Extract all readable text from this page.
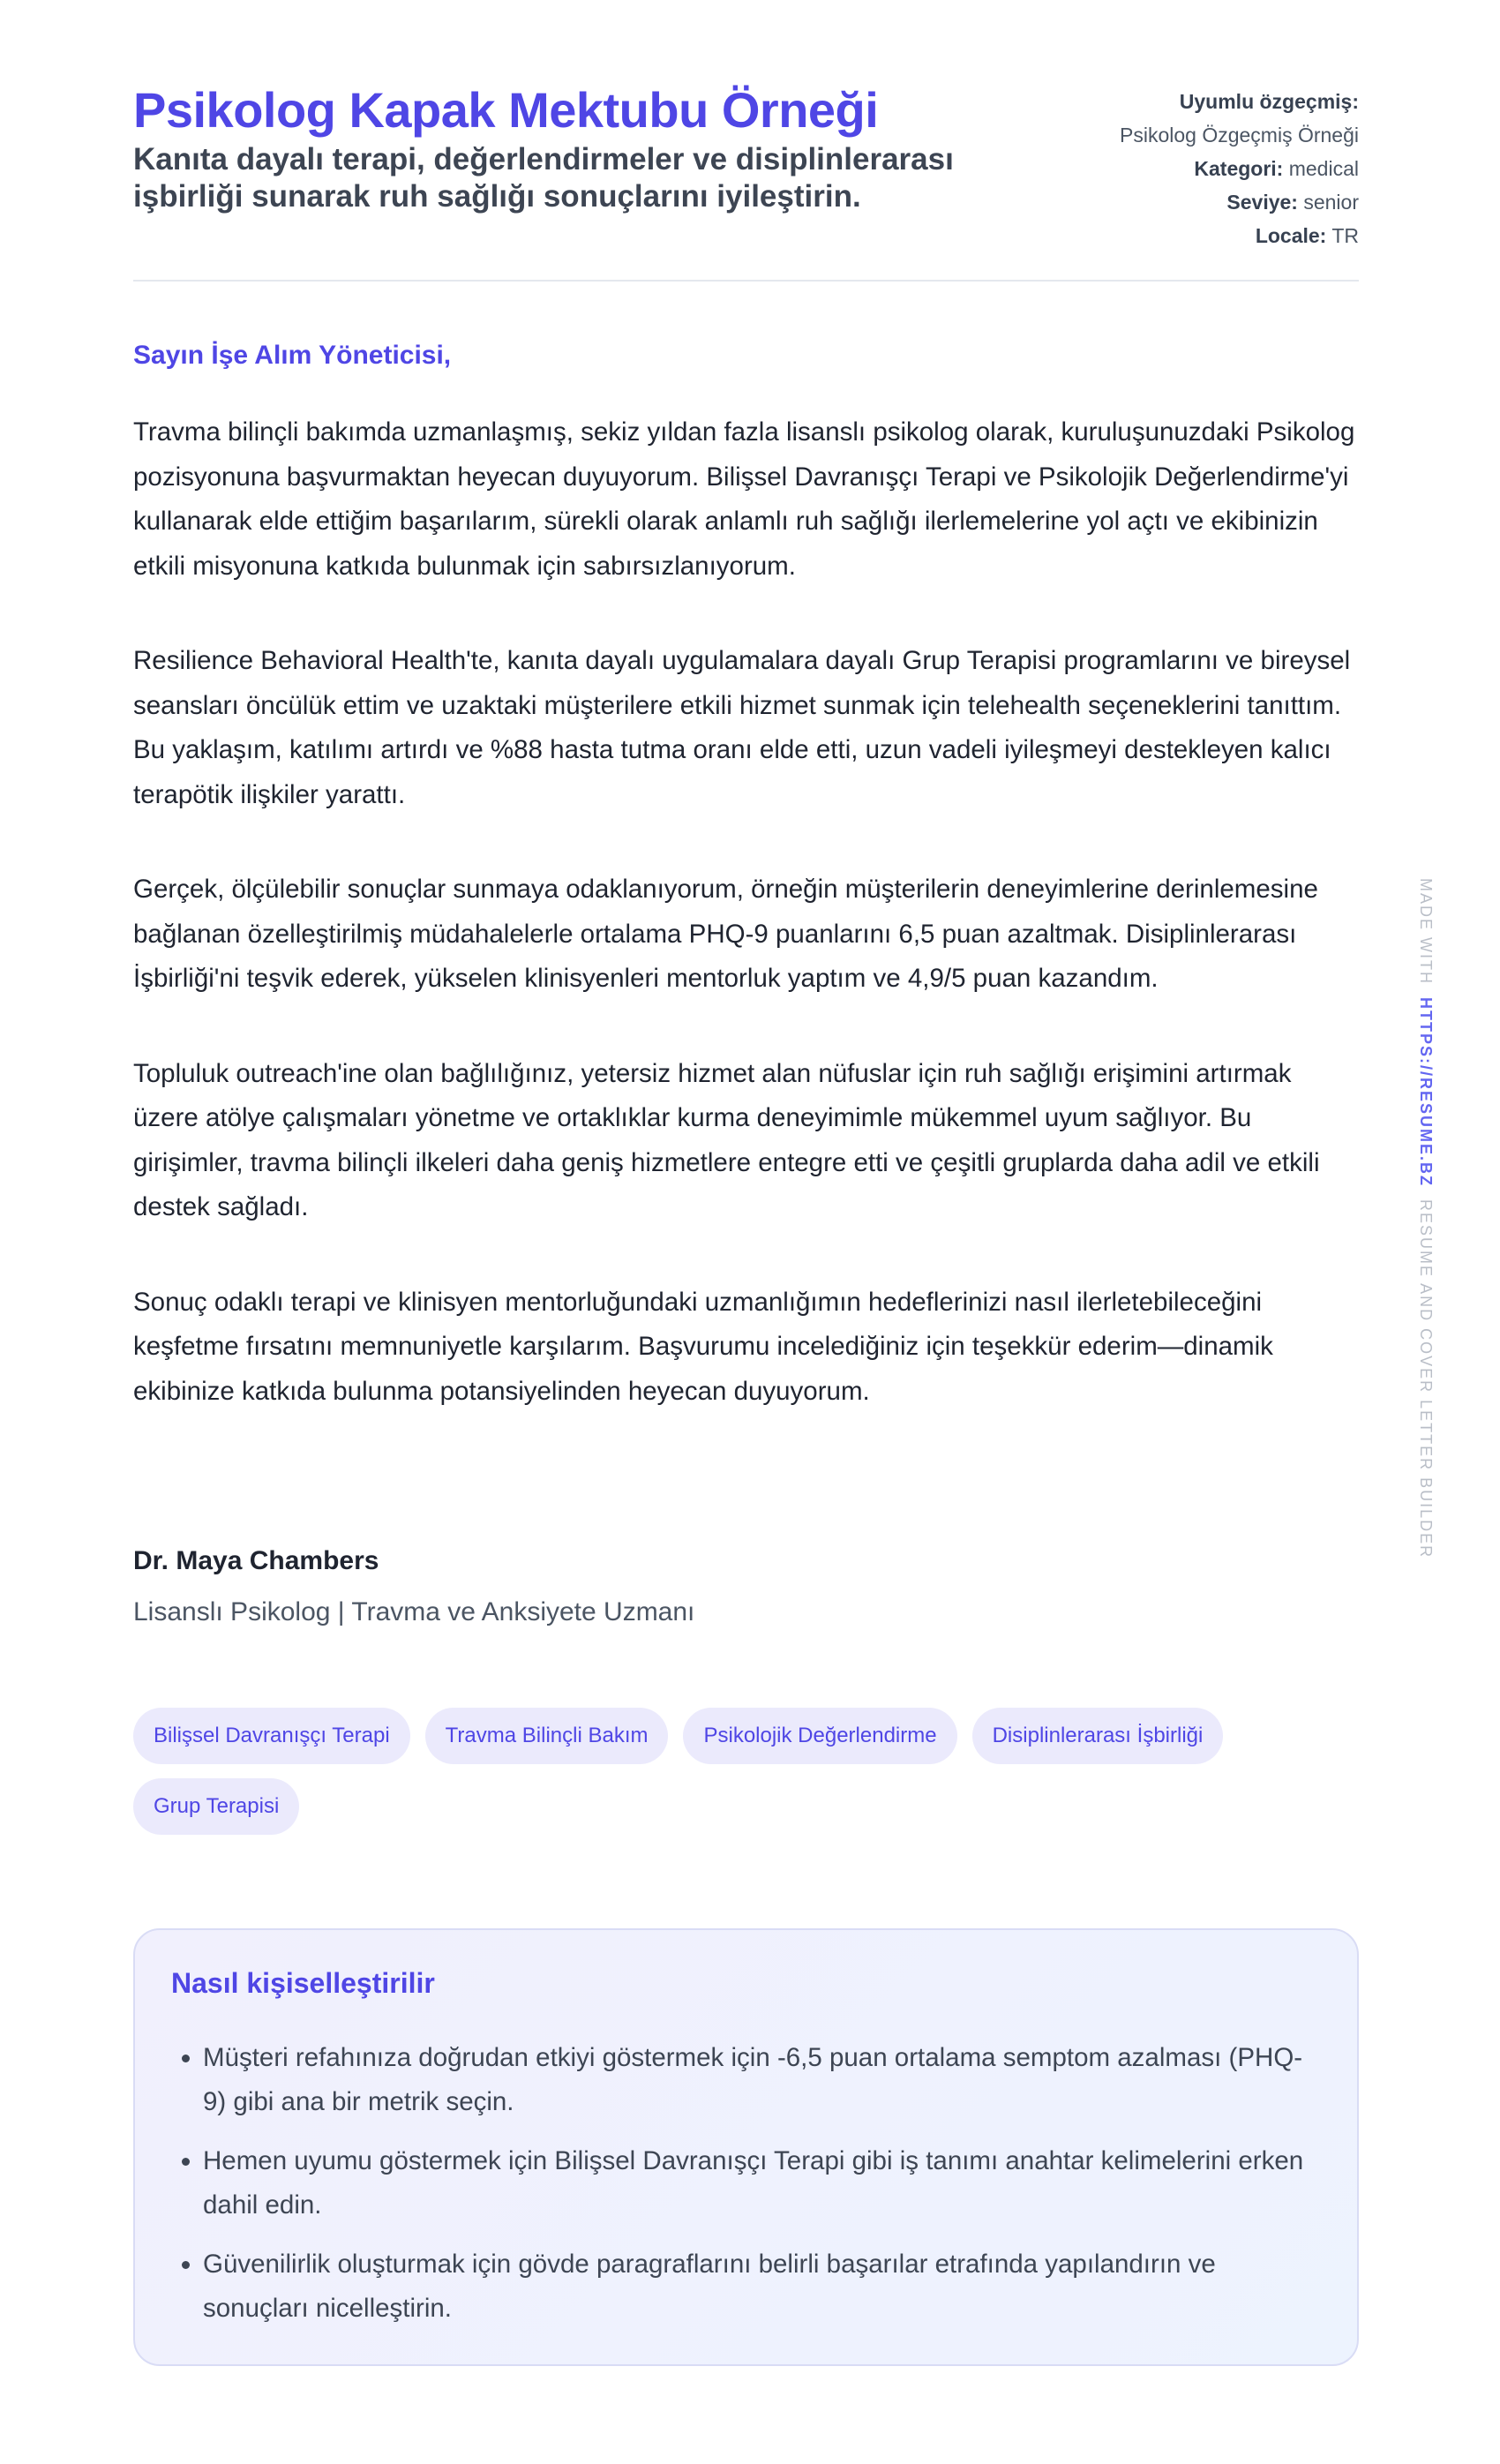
Psikolog Kapak Mektubu Örneği

Kanıta dayalı terapi, değerlendirmeler ve disiplinlerarası işbirliği sunarak ruh sağlığı sonuçlarını iyileştirin.

Uyumlu özgeçmiş:
Psikolog Özgeçmiş Örneği
Kategori: medical
Seviye: senior
Locale: TR
Sayın İşe Alım Yöneticisi,

Travma bilinçli bakımda uzmanlaşmış, sekiz yıldan fazla lisanslı psikolog olarak, kuruluşunuzdaki Psikolog pozisyonuna başvurmaktan heyecan duyuyorum. Bilişsel Davranışçı Terapi ve Psikolojik Değerlendirme'yi kullanarak elde ettiğim başarılarım, sürekli olarak anlamlı ruh sağlığı ilerlemelerine yol açtı ve ekibinizin etkili misyonuna katkıda bulunmak için sabırsızlanıyorum.

Resilience Behavioral Health'te, kanıta dayalı uygulamalara dayalı Grup Terapisi programlarını ve bireysel seansları öncülük ettim ve uzaktaki müşterilere etkili hizmet sunmak için telehealth seçeneklerini tanıttım. Bu yaklaşım, katılımı artırdı ve %88 hasta tutma oranı elde etti, uzun vadeli iyileşmeyi destekleyen kalıcı terapötik ilişkiler yarattı.

Gerçek, ölçülebilir sonuçlar sunmaya odaklanıyorum, örneğin müşterilerin deneyimlerine derinlemesine bağlanan özelleştirilmiş müdahalelerle ortalama PHQ-9 puanlarını 6,5 puan azaltmak. Disiplinlerarası İşbirliği'ni teşvik ederek, yükselen klinisyenleri mentorluk yaptım ve 4,9/5 puan kazandım.

Topluluk outreach'ine olan bağlılığınız, yetersiz hizmet alan nüfuslar için ruh sağlığı erişimini artırmak üzere atölye çalışmaları yönetme ve ortaklıklar kurma deneyimimle mükemmel uyum sağlıyor. Bu girişimler, travma bilinçli ilkeleri daha geniş hizmetlere entegre etti ve çeşitli gruplarda daha adil ve etkili destek sağladı.

Sonuç odaklı terapi ve klinisyen mentorluğundaki uzmanlığımın hedeflerinizi nasıl ilerletebileceğini keşfetme fırsatını memnuniyetle karşılarım. Başvurumu incelediğiniz için teşekkür ederim—dinamik ekibinize katkıda bulunma potansiyelinden heyecan duyuyorum.

Dr. Maya Chambers
Lisanslı Psikolog | Travma ve Anksiyete Uzmanı
Bilişsel Davranışçı Terapi	Travma Bilinçli Bakım	Psikolojik Değerlendirme	Disiplinlerarası İşbirliği
Grup Terapisi
Nasıl kişiselleştirilir
• Müşteri refahınıza doğrudan etkiyi göstermek için -6,5 puan ortalama semptom azalması (PHQ-9) gibi ana bir metrik seçin.
• Hemen uyumu göstermek için Bilişsel Davranışçı Terapi gibi iş tanımı anahtar kelimelerini erken dahil edin.
• Güvenilirlik oluşturmak için gövde paragraflarını belirli başarılar etrafında yapılandırın ve sonuçları nicelleştirin.
MADE WITH  HTTPS://RESUME.BZ  RESUME AND COVER LETTER BUILDER
